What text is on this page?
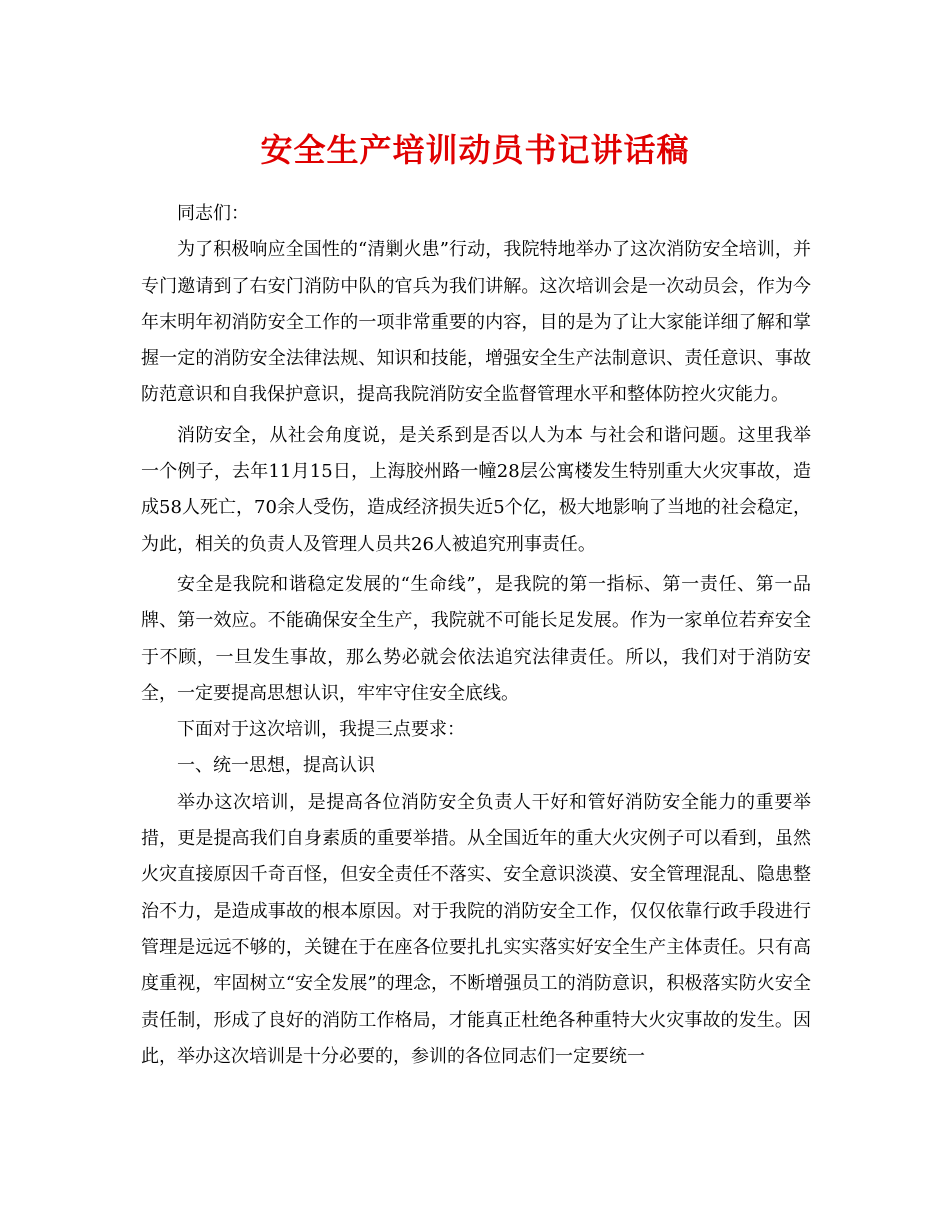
安全生产培训动员书记讲话稿

同志们：

为了积极响应全国性的“清剿火患”行动，我院特地举办了这次消防安全培训，并专门邀请到了右安门消防中队的官兵为我们讲解。这次培训会是一次动员会，作为今年末明年初消防安全工作的一项非常重要的内容，目的是为了让大家能详细了解和掌握一定的消防安全法律法规、知识和技能，增强安全生产法制意识、责任意识、事故防范意识和自我保护意识，提高我院消防安全监督管理水平和整体防控火灾能力。

消防安全，从社会角度说，是关系到是否以人为本 与社会和谐问题。这里我举一个例子，去年11月15日，上海胶州路一幢28层公寓楼发生特别重大火灾事故，造成58人死亡，70余人受伤，造成经济损失近5个亿，极大地影响了当地的社会稳定，为此，相关的负责人及管理人员共26人被追究刑事责任。

安全是我院和谐稳定发展的“生命线”，是我院的第一指标、第一责任、第一品牌、第一效应。不能确保安全生产，我院就不可能长足发展。作为一家单位若弃安全于不顾，一旦发生事故，那么势必就会依法追究法律责任。所以，我们对于消防安全，一定要提高思想认识，牢牢守住安全底线。

下面对于这次培训，我提三点要求：

一、统一思想，提高认识

举办这次培训，是提高各位消防安全负责人干好和管好消防安全能力的重要举措，更是提高我们自身素质的重要举措。从全国近年的重大火灾例子可以看到，虽然火灾直接原因千奇百怪，但安全责任不落实、安全意识淡漠、安全管理混乱、隐患整治不力，是造成事故的根本原因。对于我院的消防安全工作，仅仅依靠行政手段进行管理是远远不够的，关键在于在座各位要扎扎实实落实好安全生产主体责任。只有高度重视，牢固树立“安全发展”的理念，不断增强员工的消防意识，积极落实防火安全责任制，形成了良好的消防工作格局，才能真正杜绝各种重特大火灾事故的发生。因此，举办这次培训是十分必要的，参训的各位同志们一定要统一
